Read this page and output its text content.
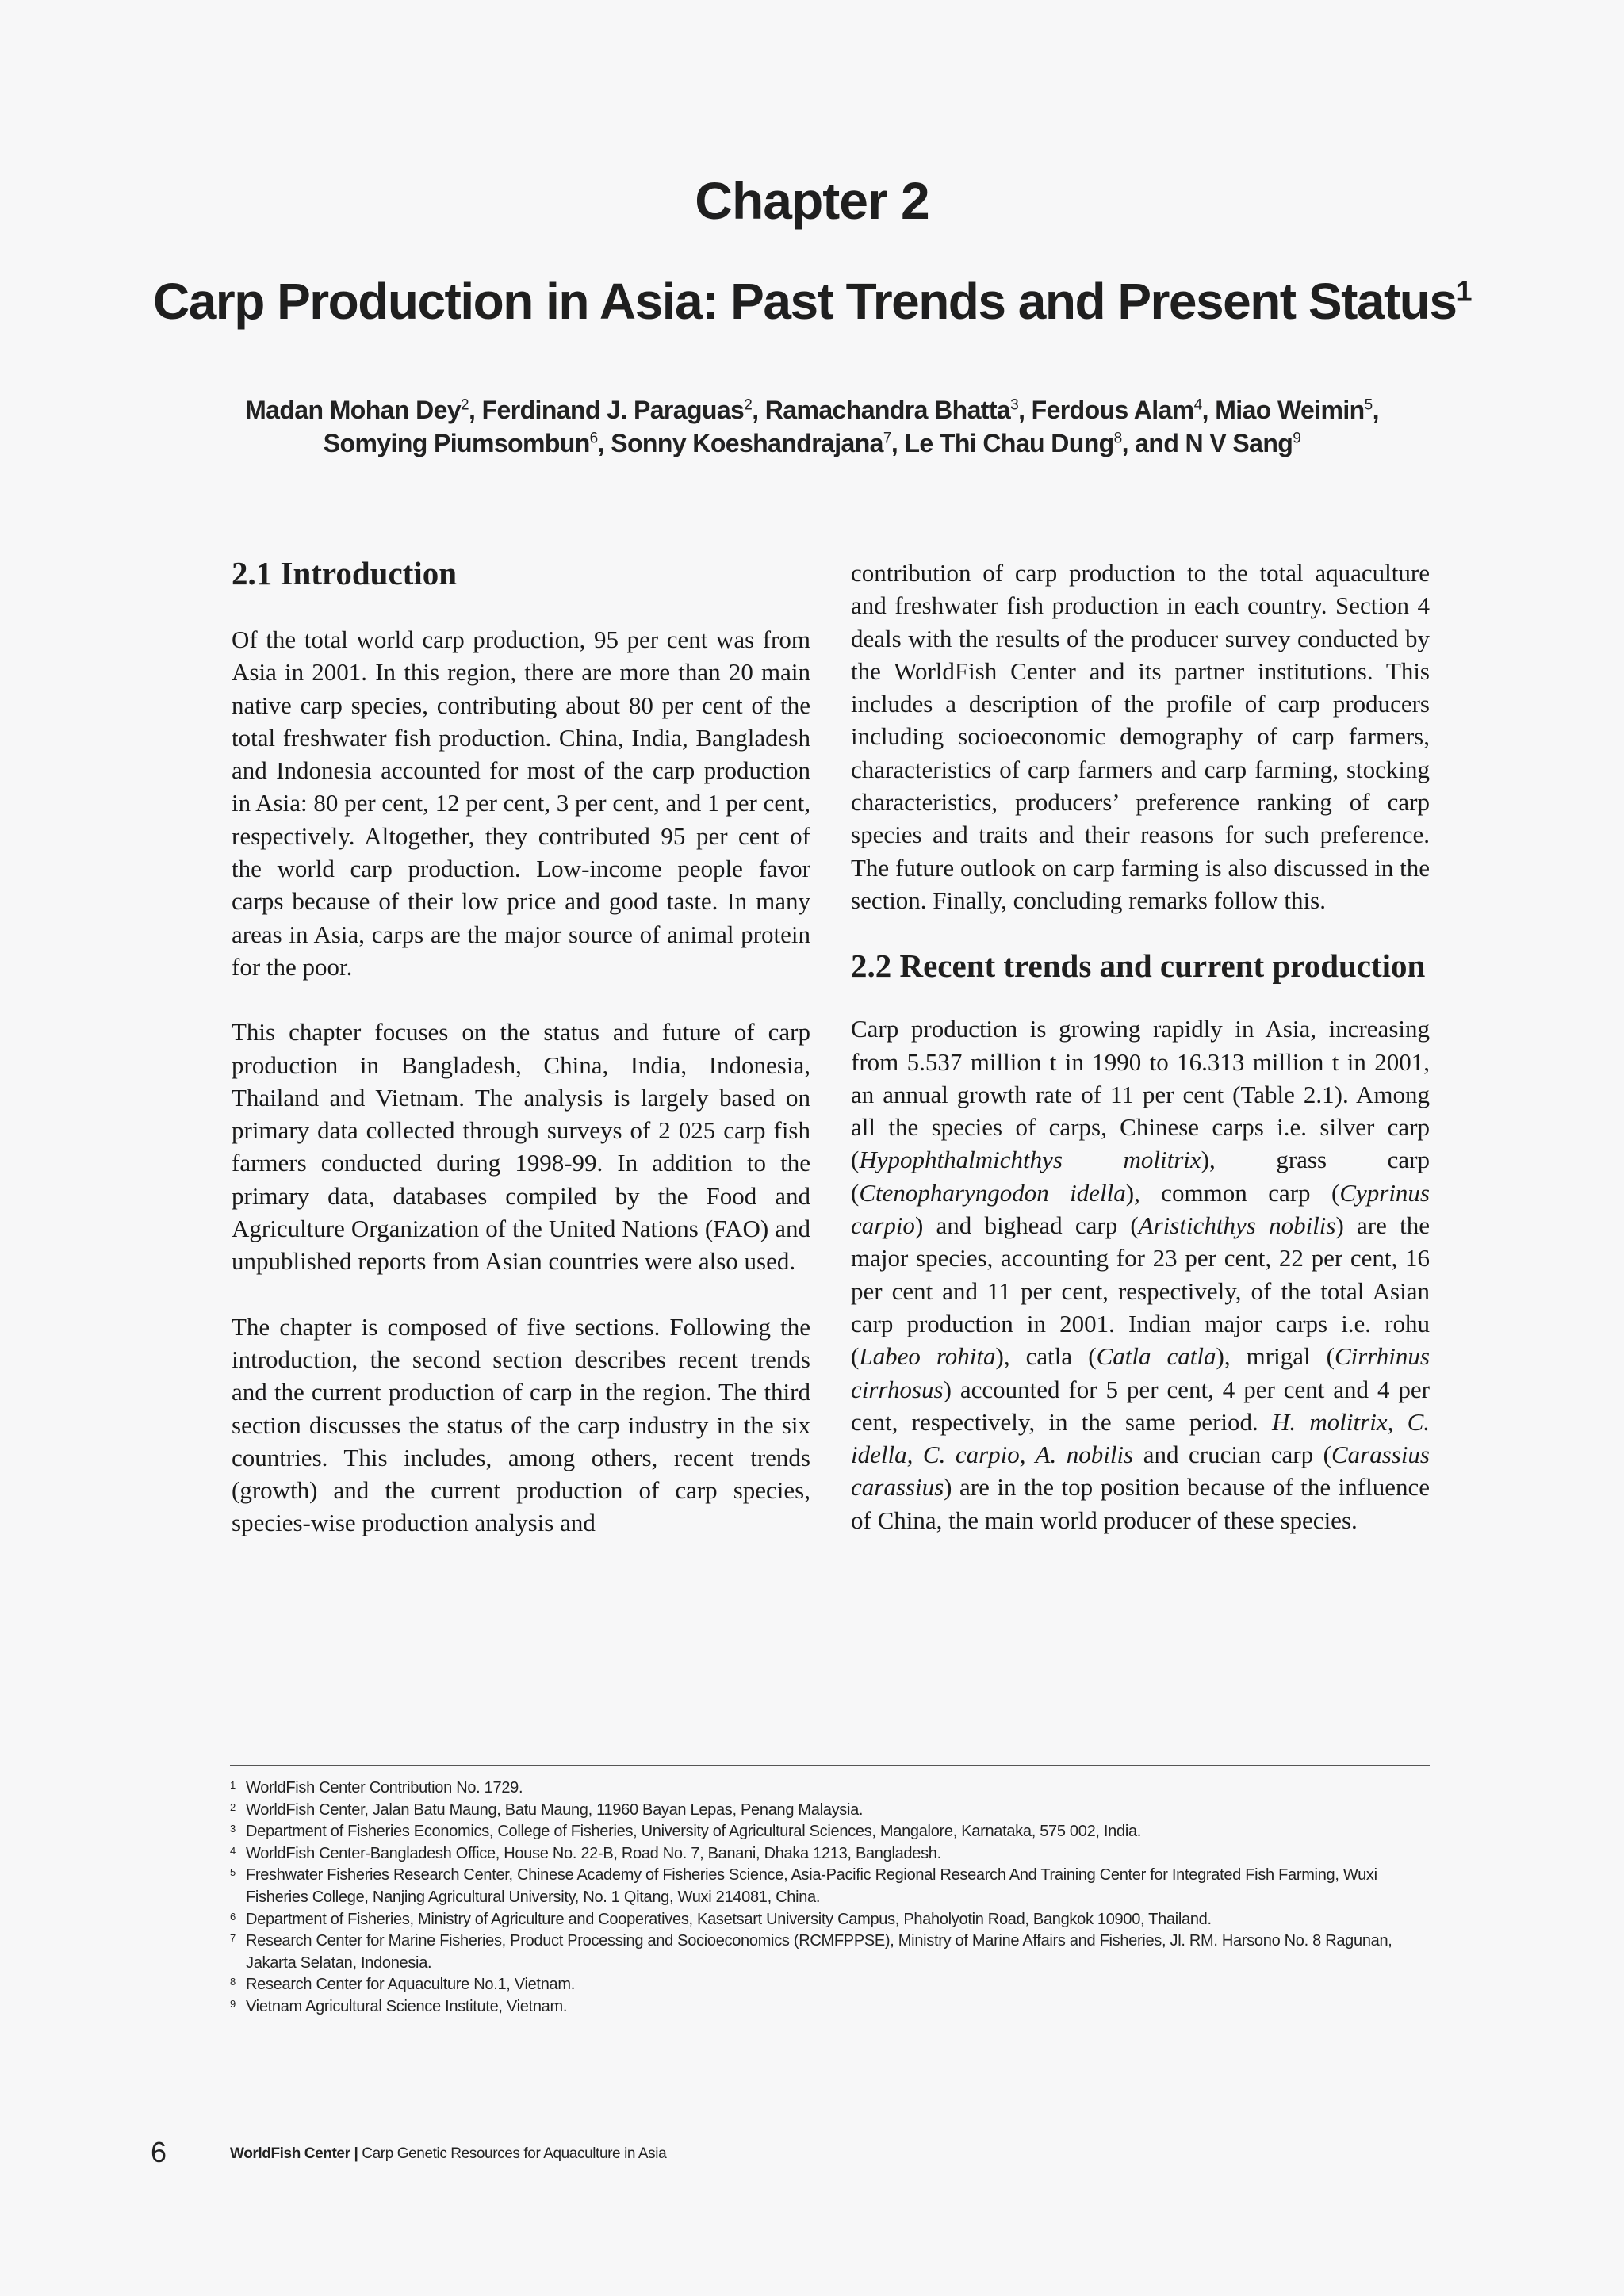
Chapter 2
Carp Production in Asia: Past Trends and Present Status$^1$
Madan Mohan Dey$^2$, Ferdinand J. Paraguas$^2$, Ramachandra Bhatta$^3$, Ferdous Alam$^4$, Miao Weimin$^5$,
Somying Piumsombun$^6$, Sonny Koeshandrajana$^7$, Le Thi Chau Dung$^8$, and N V Sang$^9$
2.1 Introduction

Of the total world carp production, 95 per cent was from Asia in 2001. In this region, there are more than 20 main native carp species, contributing about 80 per cent of the total freshwater fish production. China, India, Bangladesh and Indonesia accounted for most of the carp production in Asia: 80 per cent, 12 per cent, 3 per cent, and 1 per cent, respectively. Altogether, they contributed 95 per cent of the world carp production. Low-income people favor carps because of their low price and good taste. In many areas in Asia, carps are the major source of animal protein for the poor.

This chapter focuses on the status and future of carp production in Bangladesh, China, India, Indonesia, Thailand and Vietnam. The analysis is largely based on primary data collected through surveys of 2 025 carp fish farmers conducted during 1998-99. In addition to the primary data, databases compiled by the Food and Agriculture Organization of the United Nations (FAO) and unpublished reports from Asian countries were also used.

The chapter is composed of five sections. Following the introduction, the second section describes recent trends and the current production of carp in the region. The third section discusses the status of the carp industry in the six countries. This includes, among others, recent trends (growth) and the current production of carp species, species-wise production analysis and

contribution of carp production to the total aquaculture and freshwater fish production in each country. Section 4 deals with the results of the producer survey conducted by the WorldFish Center and its partner institutions. This includes a description of the profile of carp producers including socioeconomic demography of carp farmers, characteristics of carp farmers and carp farming, stocking characteristics, producers’ preference ranking of carp species and traits and their reasons for such preference. The future outlook on carp farming is also discussed in the section. Finally, concluding remarks follow this.

2.2 Recent trends and current production

Carp production is growing rapidly in Asia, increasing from 5.537 million t in 1990 to 16.313 million t in 2001, an annual growth rate of 11 per cent (Table 2.1). Among all the species of carps, Chinese carps i.e. silver carp (Hypophthalmichthys molitrix), grass carp (Ctenopharyngodon idella), common carp (Cyprinus carpio) and bighead carp (Aristichthys nobilis) are the major species, accounting for 23 per cent, 22 per cent, 16 per cent and 11 per cent, respectively, of the total Asian carp production in 2001. Indian major carps i.e. rohu (Labeo rohita), catla (Catla catla), mrigal (Cirrhinus cirrhosus) accounted for 5 per cent, 4 per cent and 4 per cent, respectively, in the same period. H. molitrix, C. idella, C. carpio, A. nobilis and crucian carp (Carassius carassius) are in the top position because of the influence of China, the main world producer of these species.

1 WorldFish Center Contribution No. 1729.
2 WorldFish Center, Jalan Batu Maung, Batu Maung, 11960 Bayan Lepas, Penang Malaysia.
3 Department of Fisheries Economics, College of Fisheries, University of Agricultural Sciences, Mangalore, Karnataka, 575 002, India.
4 WorldFish Center-Bangladesh Office, House No. 22-B, Road No. 7, Banani, Dhaka 1213, Bangladesh.
5 Freshwater Fisheries Research Center, Chinese Academy of Fisheries Science, Asia-Pacific Regional Research And Training Center for Integrated Fish Farming, Wuxi Fisheries College, Nanjing Agricultural University, No. 1 Qitang, Wuxi 214081, China.
6 Department of Fisheries, Ministry of Agriculture and Cooperatives, Kasetsart University Campus, Phaholyotin Road, Bangkok 10900, Thailand.
7 Research Center for Marine Fisheries, Product Processing and Socioeconomics (RCMFPPSE), Ministry of Marine Affairs and Fisheries, Jl. RM. Harsono No. 8 Ragunan, Jakarta Selatan, Indonesia.
8 Research Center for Aquaculture No.1, Vietnam.
9 Vietnam Agricultural Science Institute, Vietnam.
6	WorldFish Center | Carp Genetic Resources for Aquaculture in Asia
